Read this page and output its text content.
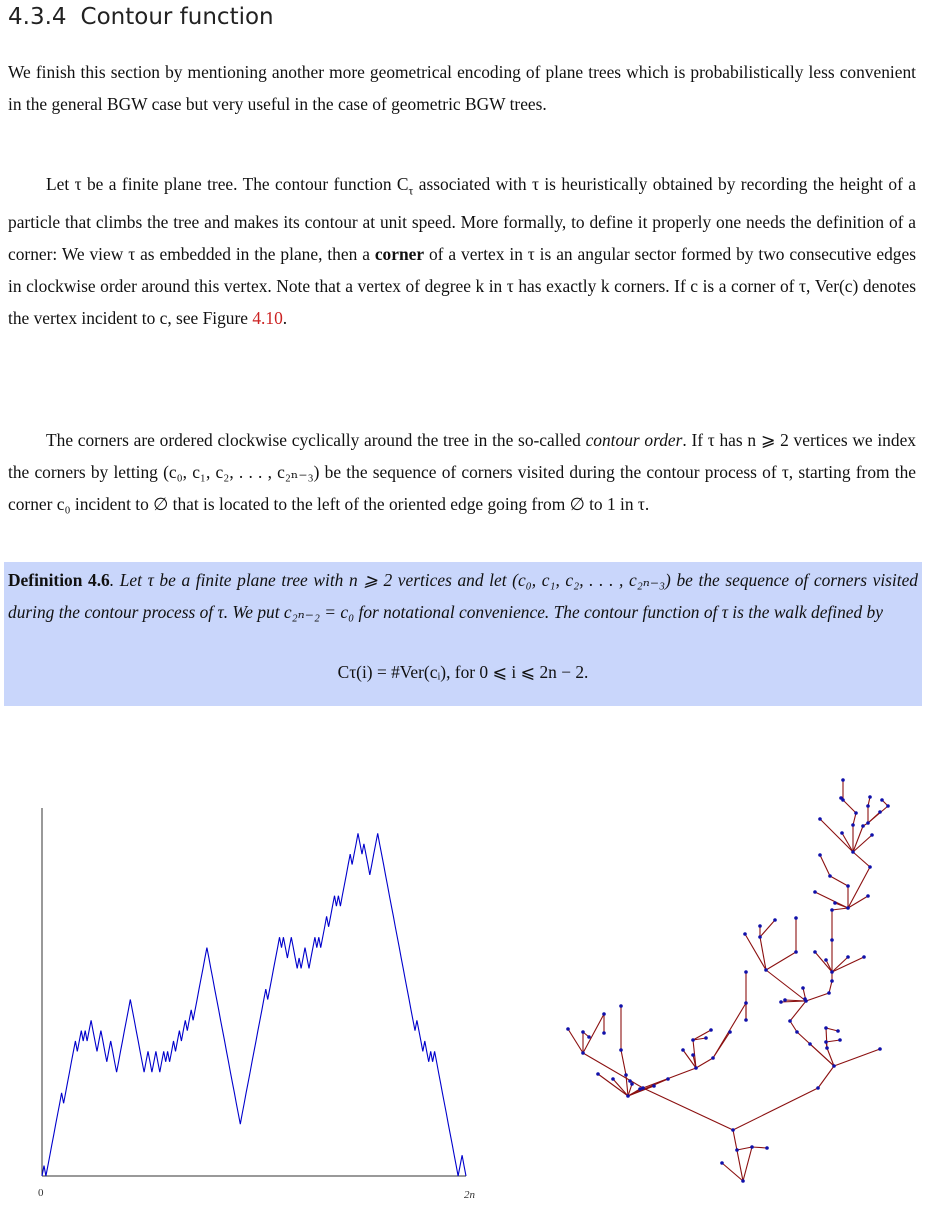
4.3.4 Contour function

We finish this section by mentioning another more geometrical encoding of plane trees which is probabilistically less convenient in the general BGW case but very useful in the case of geometric BGW trees.

Let τ be a finite plane tree. The contour function $C_\tau$ associated with τ is heuristically obtained by recording the height of a particle that climbs the tree and makes its contour at unit speed. More formally, to define it properly one needs the definition of a corner: We view τ as embedded in the plane, then a corner of a vertex in τ is an angular sector formed by two consecutive edges in clockwise order around this vertex. Note that a vertex of degree k in τ has exactly k corners. If c is a corner of τ, Ver(c) denotes the vertex incident to c, see Figure 4.10.

The corners are ordered clockwise cyclically around the tree in the so-called contour order. If τ has n ⩾ 2 vertices we index the corners by letting (c₀, c₁, c₂, . . . , c₂ₙ₋₃) be the sequence of corners visited during the contour process of τ, starting from the corner c₀ incident to ∅ that is located to the left of the oriented edge going from ∅ to 1 in τ.

Definition 4.6. Let τ be a finite plane tree with n ⩾ 2 vertices and let (c₀, c₁, c₂, . . . , c₂ₙ₋₃) be the sequence of corners visited during the contour process of τ. We put c₂ₙ₋₂ = c₀ for notational convenience. The contour function of τ is the walk defined by
Cτ(i) = #Ver(cᵢ), for 0 ⩽ i ⩽ 2n − 2.
0	2n
